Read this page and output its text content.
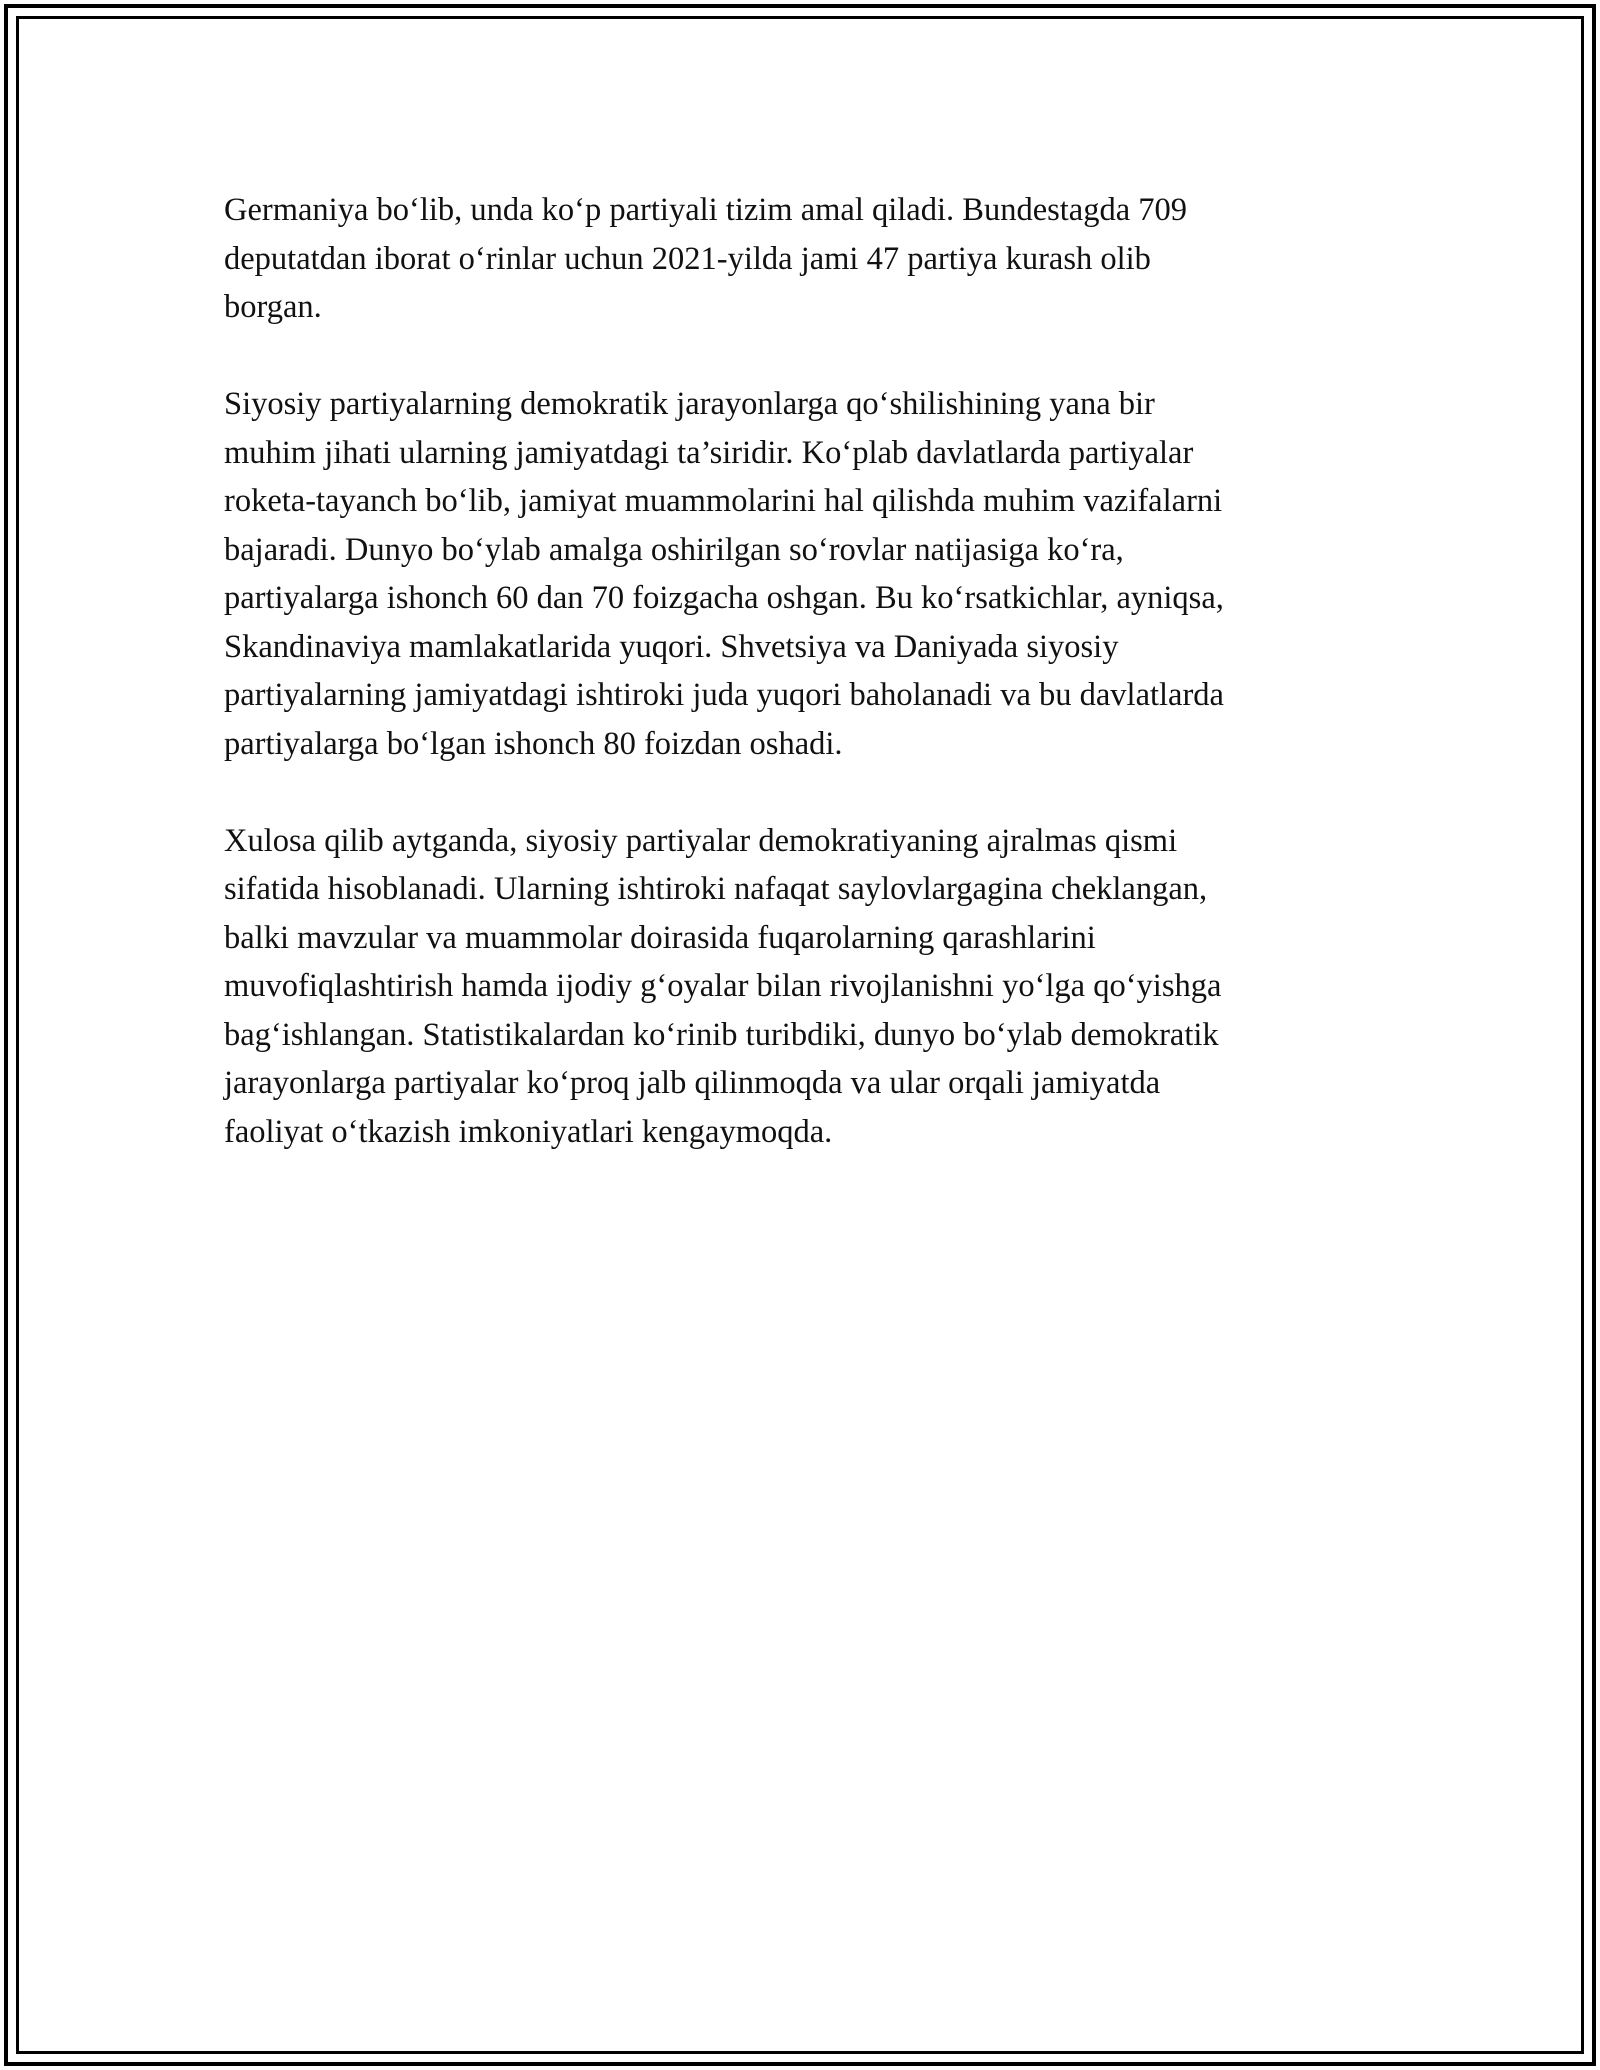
Germaniya bo‘lib, unda ko‘p partiyali tizim amal qiladi. Bundestagda 709
deputatdan iborat o‘rinlar uchun 2021-yilda jami 47 partiya kurash olib
borgan.

Siyosiy partiyalarning demokratik jarayonlarga qo‘shilishining yana bir
muhim jihati ularning jamiyatdagi ta’siridir. Ko‘plab davlatlarda partiyalar
roketa-tayanch bo‘lib, jamiyat muammolarini hal qilishda muhim vazifalarni
bajaradi. Dunyo bo‘ylab amalga oshirilgan so‘rovlar natijasiga ko‘ra,
partiyalarga ishonch 60 dan 70 foizgacha oshgan. Bu ko‘rsatkichlar, ayniqsa,
Skandinaviya mamlakatlarida yuqori. Shvetsiya va Daniyada siyosiy
partiyalarning jamiyatdagi ishtiroki juda yuqori baholanadi va bu davlatlarda
partiyalarga bo‘lgan ishonch 80 foizdan oshadi.

Xulosa qilib aytganda, siyosiy partiyalar demokratiyaning ajralmas qismi
sifatida hisoblanadi. Ularning ishtiroki nafaqat saylovlargagina cheklangan,
balki mavzular va muammolar doirasida fuqarolarning qarashlarini
muvofiqlashtirish hamda ijodiy g‘oyalar bilan rivojlanishni yo‘lga qo‘yishga
bag‘ishlangan. Statistikalardan ko‘rinib turibdiki, dunyo bo‘ylab demokratik
jarayonlarga partiyalar ko‘proq jalb qilinmoqda va ular orqali jamiyatda
faoliyat o‘tkazish imkoniyatlari kengaymoqda.
